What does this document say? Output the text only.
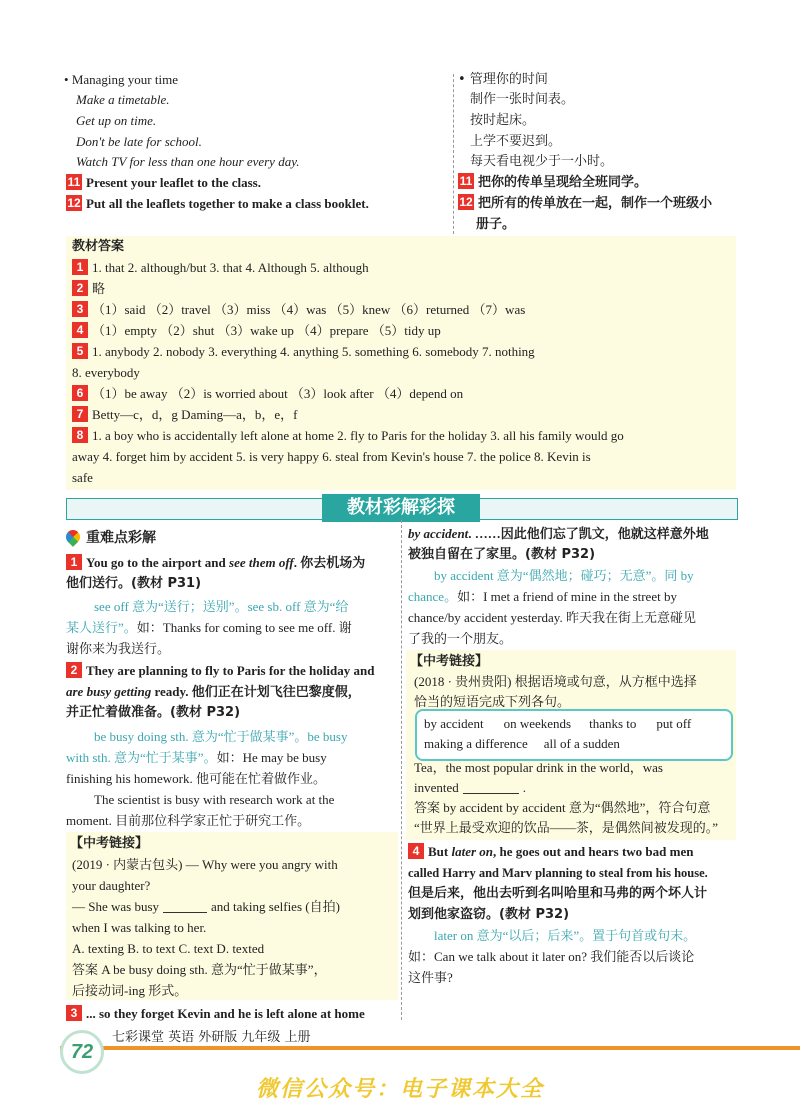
• Managing your time
Make a timetable.
Get up on time.
Don't be late for school.
Watch TV for less than one hour every day.
11 Present your leaflet to the class.
12 Put all the leaflets together to make a class booklet.
• 管理你的时间
制作一张时间表。
按时起床。
上学不要迟到。
每天看电视少于一小时。
11 把你的传单呈现给全班同学。
12 把所有的传单放在一起，制作一个班级小
册子。
教材答案
1 1. that 2. although/but 3. that 4. Although 5. although
2 略
3 （1）said （2）travel （3）miss （4）was （5）knew （6）returned （7）was
4 （1）empty （2）shut （3）wake up （4）prepare （5）tidy up
5 1. anybody 2. nobody 3. everything 4. anything 5. something 6. somebody 7. nothing
8. everybody
6 （1）be away （2）is worried about （3）look after （4）depend on
7 Betty—c，d，g Daming—a，b，e，f
8 1. a boy who is accidentally left alone at home 2. fly to Paris for the holiday 3. all his family would go
away 4. forget him by accident 5. is very happy 6. steal from Kevin's house 7. the police 8. Kevin is
safe
教材彩解彩探
重难点彩解
1 You go to the airport and see them off. 你去机场为
他们送行。(教材 P31)
see off 意为“送行；送别”。see sb. off 意为“给
某人送行”。如：Thanks for coming to see me off. 谢
谢你来为我送行。
2 They are planning to fly to Paris for the holiday and
are busy getting ready. 他们正在计划飞往巴黎度假，
并正忙着做准备。(教材 P32)
be busy doing sth. 意为“忙于做某事”。be busy
with sth. 意为“忙于某事”。如：He may be busy
finishing his homework. 他可能在忙着做作业。
The scientist is busy with research work at the
moment. 目前那位科学家正忙于研究工作。
【中考链接】
(2019 · 内蒙古包头) — Why were you angry with
your daughter?
— She was busy	and taking selfies (自拍)
when I was talking to her.
A. texting B. to text C. text D. texted
答案 A be busy doing sth. 意为“忙于做某事”，
后接动词-ing 形式。
3 ... so they forget Kevin and he is left alone at home
by accident. ……因此他们忘了凯文，他就这样意外地
被独自留在了家里。(教材 P32)
by accident 意为“偶然地；碰巧；无意”。同 by
chance。如：I met a friend of mine in the street by
chance/by accident yesterday. 昨天我在街上无意碰见
了我的一个朋友。
【中考链接】
(2018 · 贵州贵阳) 根据语境或句意，从方框中选择
恰当的短语完成下列各句。
by accident on weekends thanks to put off
making a difference all of a sudden
Tea，the most popular drink in the world，was
invented	.
答案 by accident by accident 意为“偶然地”，符合句意
“世界上最受欢迎的饮品——茶，是偶然间被发现的。”
4 But later on, he goes out and hears two bad men
called Harry and Marv planning to steal from his house.
但是后来，他出去听到名叫哈里和马弗的两个坏人计
划到他家盗窃。(教材 P32)
later on 意为“以后；后来”。置于句首或句末。
如：Can we talk about it later on? 我们能否以后谈论
这件事?
72
七彩课堂 英语 外研版 九年级 上册
微信公众号：电子课本大全
